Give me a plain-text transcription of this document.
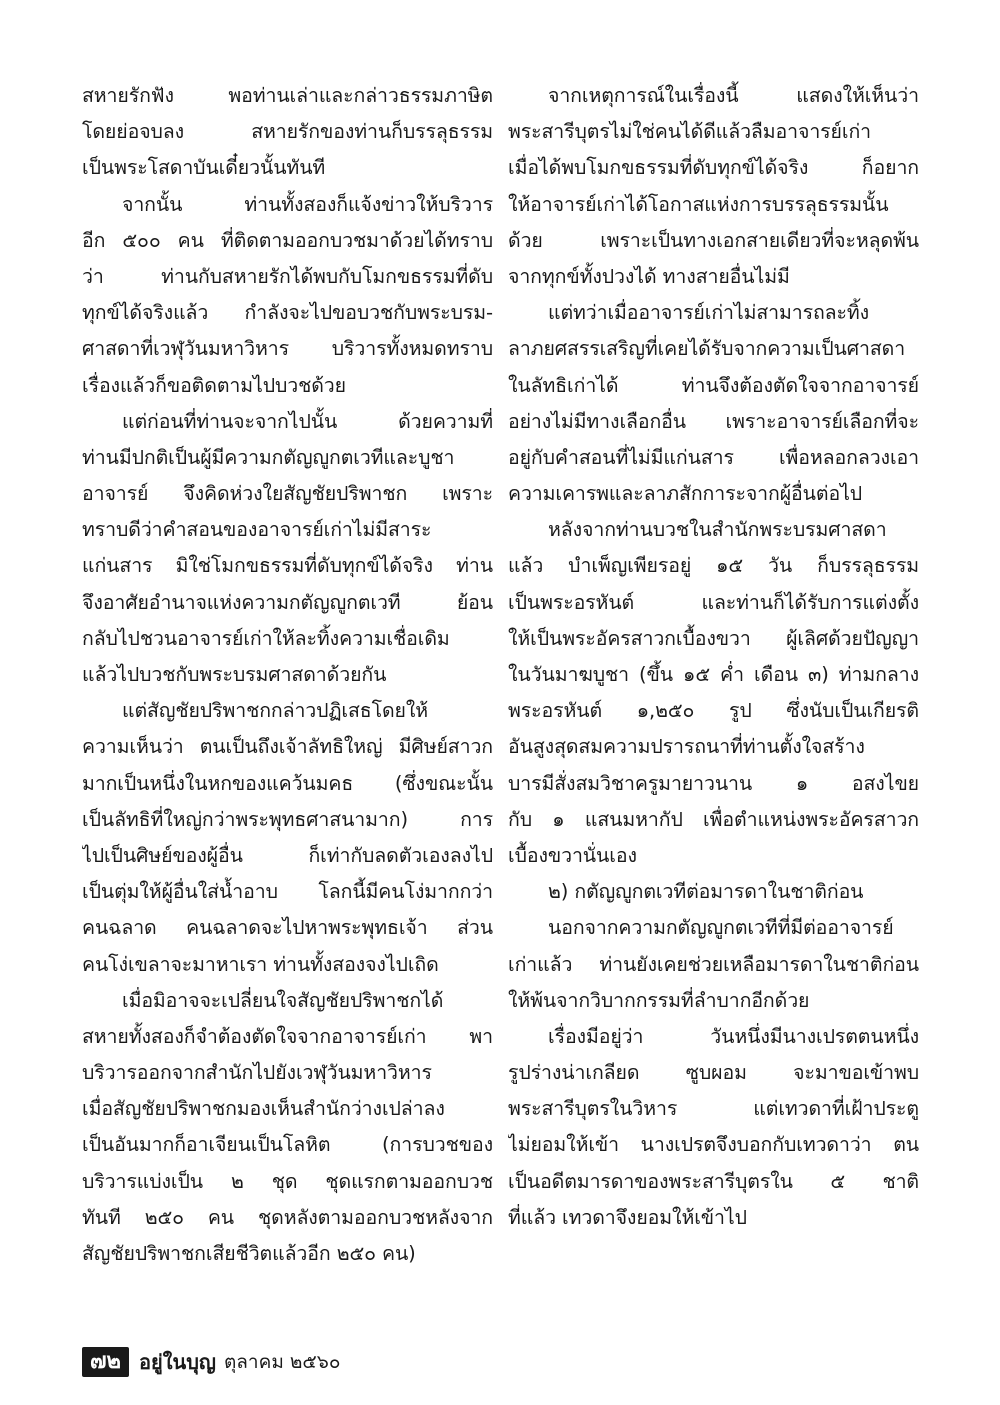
สหายรักฟัง พอท่านเล่าและกล่าวธรรมภาษิต
โดยย่อจบลง สหายรักของท่านก็บรรลุธรรม
เป็นพระโสดาบันเดี๋ยวนั้นทันที
จากนั้น ท่านทั้งสองก็แจ้งข่าวให้บริวาร
อีก ๕๐๐ คน ที่ติดตามออกบวชมาด้วยได้ทราบ
ว่า ท่านกับสหายรักได้พบกับโมกขธรรมที่ดับ
ทุกข์ได้จริงแล้ว กำลังจะไปขอบวชกับพระบรม-
ศาสดาที่เวฬุวันมหาวิหาร บริวารทั้งหมดทราบ
เรื่องแล้วก็ขอติดตามไปบวชด้วย
แต่ก่อนที่ท่านจะจากไปนั้น ด้วยความที่
ท่านมีปกติเป็นผู้มีความกตัญญูกตเวทีและบูชา
อาจารย์ จึงคิดห่วงใยสัญชัยปริพาชก เพราะ
ทราบดีว่าคำสอนของอาจารย์เก่าไม่มีสาระ
แก่นสาร มิใช่โมกขธรรมที่ดับทุกข์ได้จริง ท่าน
จึงอาศัยอำนาจแห่งความกตัญญูกตเวที ย้อน
กลับไปชวนอาจารย์เก่าให้ละทิ้งความเชื่อเดิม
แล้วไปบวชกับพระบรมศาสดาด้วยกัน
แต่สัญชัยปริพาชกกล่าวปฏิเสธโดยให้
ความเห็นว่า ตนเป็นถึงเจ้าลัทธิใหญ่ มีศิษย์สาวก
มากเป็นหนึ่งในหกของแคว้นมคธ (ซึ่งขณะนั้น
เป็นลัทธิที่ใหญ่กว่าพระพุทธศาสนามาก) การ
ไปเป็นศิษย์ของผู้อื่น ก็เท่ากับลดตัวเองลงไป
เป็นตุ่มให้ผู้อื่นใส่น้ำอาบ โลกนี้มีคนโง่มากกว่า
คนฉลาด คนฉลาดจะไปหาพระพุทธเจ้า ส่วน
คนโง่เขลาจะมาหาเรา ท่านทั้งสองจงไปเถิด
เมื่อมิอาจจะเปลี่ยนใจสัญชัยปริพาชกได้
สหายทั้งสองก็จำต้องตัดใจจากอาจารย์เก่า พา
บริวารออกจากสำนักไปยังเวฬุวันมหาวิหาร
เมื่อสัญชัยปริพาชกมองเห็นสำนักว่างเปล่าลง
เป็นอันมากก็อาเจียนเป็นโลหิต (การบวชของ
บริวารแบ่งเป็น ๒ ชุด ชุดแรกตามออกบวช
ทันที ๒๕๐ คน ชุดหลังตามออกบวชหลังจาก
สัญชัยปริพาชกเสียชีวิตแล้วอีก ๒๕๐ คน)
จากเหตุการณ์ในเรื่องนี้ แสดงให้เห็นว่า
พระสารีบุตรไม่ใช่คนได้ดีแล้วลืมอาจารย์เก่า
เมื่อได้พบโมกขธรรมที่ดับทุกข์ได้จริง ก็อยาก
ให้อาจารย์เก่าได้โอกาสแห่งการบรรลุธรรมนั้น
ด้วย เพราะเป็นทางเอกสายเดียวที่จะหลุดพ้น
จากทุกข์ทั้งปวงได้ ทางสายอื่นไม่มี
แต่ทว่าเมื่ออาจารย์เก่าไม่สามารถละทิ้ง
ลาภยศสรรเสริญที่เคยได้รับจากความเป็นศาสดา
ในลัทธิเก่าได้ ท่านจึงต้องตัดใจจากอาจารย์
อย่างไม่มีทางเลือกอื่น เพราะอาจารย์เลือกที่จะ
อยู่กับคำสอนที่ไม่มีแก่นสาร เพื่อหลอกลวงเอา
ความเคารพและลาภสักการะจากผู้อื่นต่อไป
หลังจากท่านบวชในสำนักพระบรมศาสดา
แล้ว บำเพ็ญเพียรอยู่ ๑๕ วัน ก็บรรลุธรรม
เป็นพระอรหันต์ และท่านก็ได้รับการแต่งตั้ง
ให้เป็นพระอัครสาวกเบื้องขวา ผู้เลิศด้วยปัญญา
ในวันมาฆบูชา (ขึ้น ๑๕ ค่ำ เดือน ๓) ท่ามกลาง
พระอรหันต์ ๑,๒๕๐ รูป ซึ่งนับเป็นเกียรติ
อันสูงสุดสมความปรารถนาที่ท่านตั้งใจสร้าง
บารมีสั่งสมวิชาครูมายาวนาน ๑ อสงไขย
กับ ๑ แสนมหากัป เพื่อตำแหน่งพระอัครสาวก
เบื้องขวานั่นเอง
๒) กตัญญูกตเวทีต่อมารดาในชาติก่อน
นอกจากความกตัญญูกตเวทีที่มีต่ออาจารย์
เก่าแล้ว ท่านยังเคยช่วยเหลือมารดาในชาติก่อน
ให้พ้นจากวิบากกรรมที่ลำบากอีกด้วย
เรื่องมีอยู่ว่า วันหนึ่งมีนางเปรตตนหนึ่ง
รูปร่างน่าเกลียด ซูบผอม จะมาขอเข้าพบ
พระสารีบุตรในวิหาร แต่เทวดาที่เฝ้าประตู
ไม่ยอมให้เข้า นางเปรตจึงบอกกับเทวดาว่า ตน
เป็นอดีตมารดาของพระสารีบุตรใน ๕ ชาติ
ที่แล้ว เทวดาจึงยอมให้เข้าไป
๗๒ อยู่ในบุญ ตุลาคม ๒๕๖๐
